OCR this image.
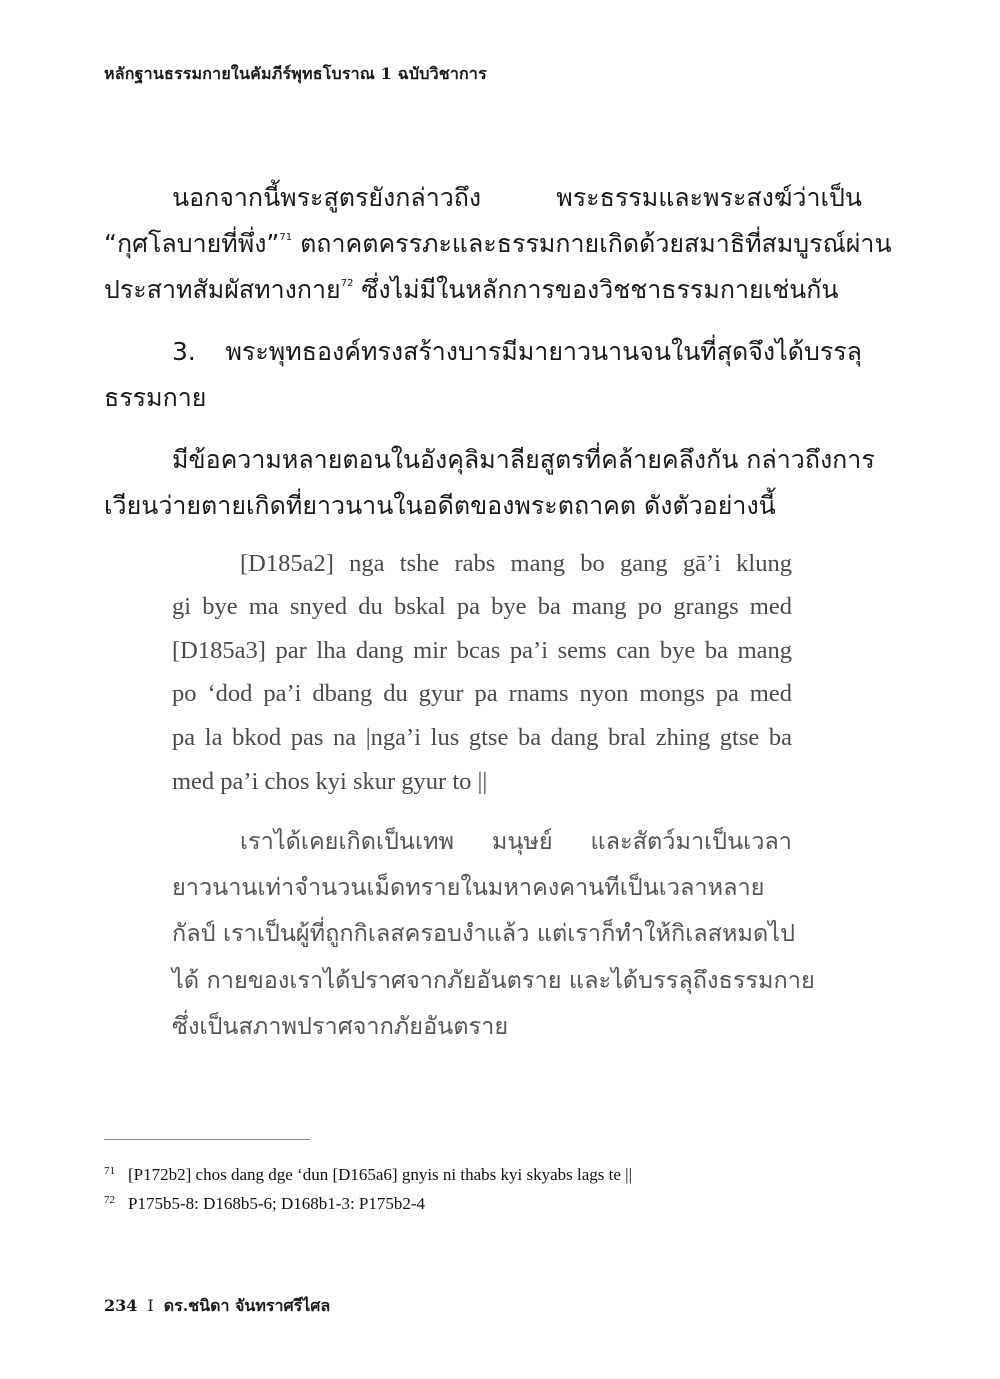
หลักฐานธรรมกายในคัมภีร์พุทธโบราณ 1 ฉบับวิชาการ
นอกจากนี้พระสูตรยังกล่าวถึง พระธรรมและพระสงฆ์ว่าเป็น
“กุศโลบายที่พึ่ง”$^{71}$ ตถาคตครรภะและธรรมกายเกิดด้วยสมาธิที่สมบูรณ์ผ่าน
ประสาทสัมผัสทางกาย$^{72}$ ซึ่งไม่มีในหลักการของวิชชาธรรมกายเช่นกัน
3. พระพุทธองค์ทรงสร้างบารมีมายาวนานจนในที่สุดจึงได้บรรลุ
ธรรมกาย
มีข้อความหลายตอนในอังคุลิมาลียสูตรที่คล้ายคลึงกัน กล่าวถึงการ
เวียนว่ายตายเกิดที่ยาวนานในอดีตของพระตถาคต ดังตัวอย่างนี้
[D185a2] nga tshe rabs mang bo gang gā’i klung
gi bye ma snyed du bskal pa bye ba mang po grangs med
[D185a3] par lha dang mir bcas pa’i sems can bye ba mang
po ‘dod pa’i dbang du gyur pa rnams nyon mongs pa med
pa la bkod pas na |nga’i lus gtse ba dang bral zhing gtse ba
med pa’i chos kyi skur gyur to ||
เราได้เคยเกิดเป็นเทพ มนุษย์ และสัตว์มาเป็นเวลา
ยาวนานเท่าจำนวนเม็ดทรายในมหาคงคานทีเป็นเวลาหลาย
กัลป์ เราเป็นผู้ที่ถูกกิเลสครอบงำแล้ว แต่เราก็ทำให้กิเลสหมดไป
ได้ กายของเราได้ปราศจากภัยอันตราย และได้บรรลุถึงธรรมกาย
ซึ่งเป็นสภาพปราศจากภัยอันตราย
71 [P172b2] chos dang dge ‘dun [D165a6] gnyis ni thabs kyi skyabs lags te ||
72 P175b5-8: D168b5-6; D168b1-3: P175b2-4
234 I ดร.ชนิดา จันทราศรีไศล
